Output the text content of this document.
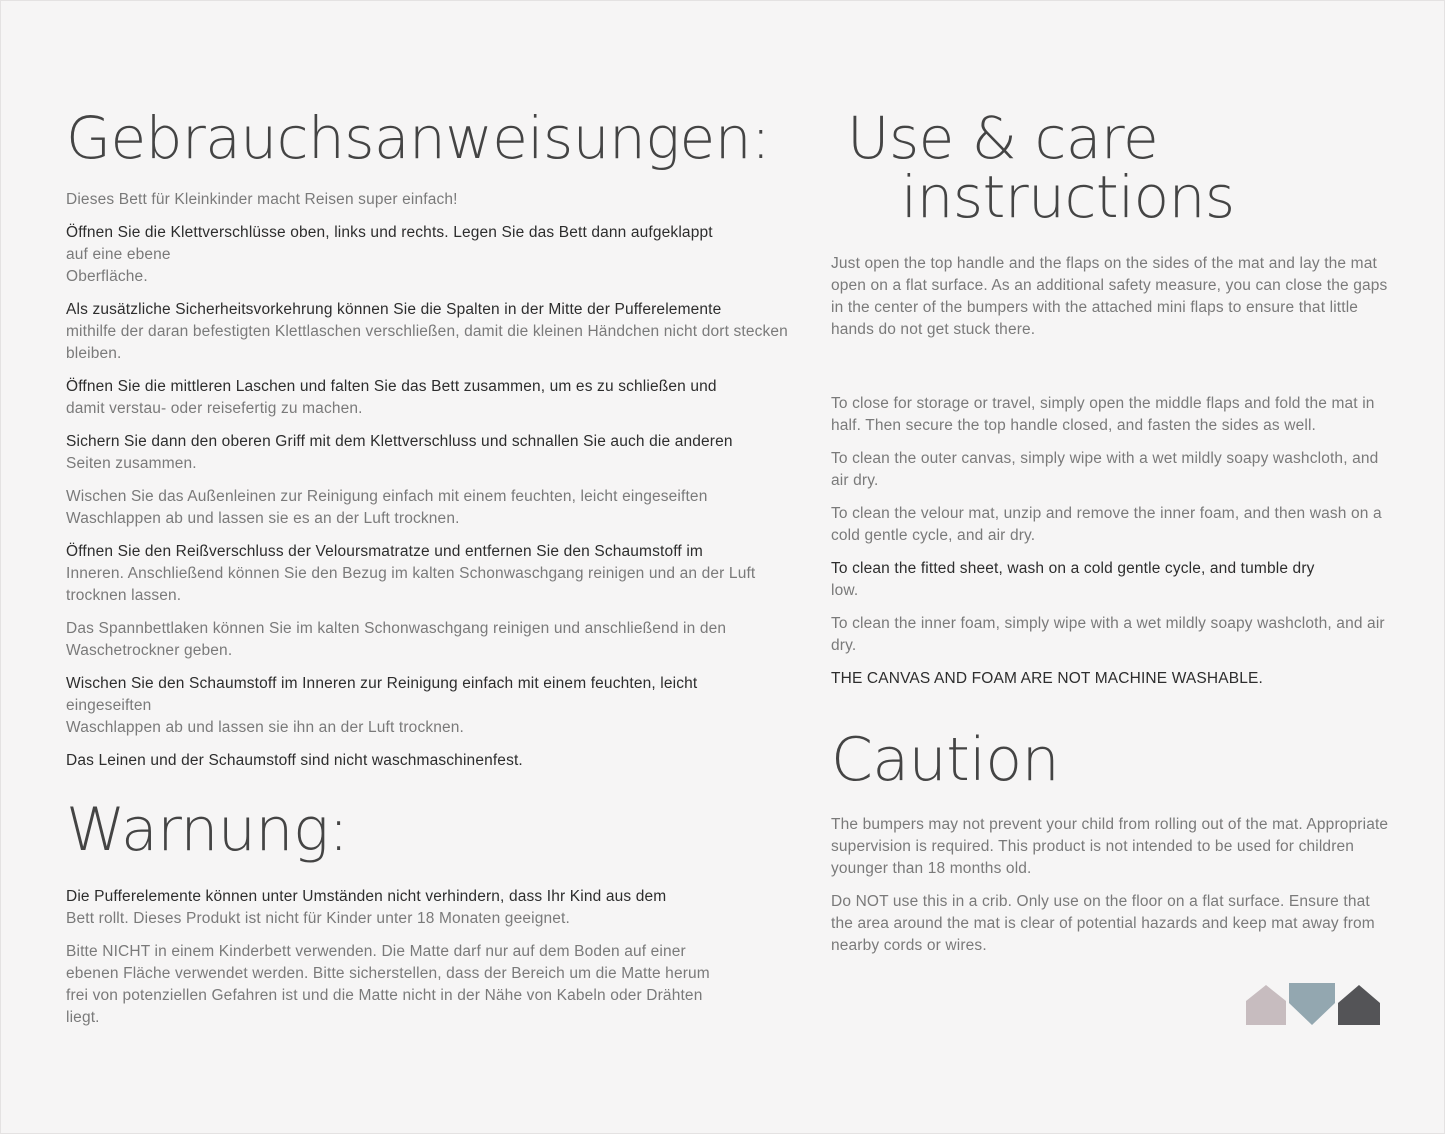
Gebrauchsanweisungen:
Dieses Bett für Kleinkinder macht Reisen super einfach!
Öffnen Sie die Klettverschlüsse oben, links und rechts. Legen Sie das Bett dann aufgeklappt
auf eine ebene
Oberfläche.
Als zusätzliche Sicherheitsvorkehrung können Sie die Spalten in der Mitte der Pufferelemente
mithilfe der daran befestigten Klettlaschen verschließen, damit die kleinen Händchen nicht dort stecken bleiben.
Öffnen Sie die mittleren Laschen und falten Sie das Bett zusammen, um es zu schließen und
damit verstau- oder reisefertig zu machen.
Sichern Sie dann den oberen Griff mit dem Klettverschluss und schnallen Sie auch die anderen
Seiten zusammen.
Wischen Sie das Außenleinen zur Reinigung einfach mit einem feuchten, leicht eingeseiften Waschlappen ab und lassen sie es an der Luft trocknen.
Öffnen Sie den Reißverschluss der Veloursmatratze und entfernen Sie den Schaumstoff im
Inneren. Anschließend können Sie den Bezug im kalten Schonwaschgang reinigen und an der Luft trocknen lassen.
Das Spannbettlaken können Sie im kalten Schonwaschgang reinigen und anschließend in den Waschetrockner geben.
Wischen Sie den Schaumstoff im Inneren zur Reinigung einfach mit einem feuchten, leicht
eingeseiften
Waschlappen ab und lassen sie ihn an der Luft trocknen.
Das Leinen und der Schaumstoff sind nicht waschmaschinenfest.
Warnung:
Die Pufferelemente können unter Umständen nicht verhindern, dass Ihr Kind aus dem
Bett rollt. Dieses Produkt ist nicht für Kinder unter 18 Monaten geeignet.
Bitte NICHT in einem Kinderbett verwenden. Die Matte darf nur auf dem Boden auf einer ebenen Fläche verwendet werden. Bitte sicherstellen, dass der Bereich um die Matte herum frei von potenziellen Gefahren ist und die Matte nicht in der Nähe von Kabeln oder Drähten liegt.
Use & care
instructions
Just open the top handle and the flaps on the sides of the mat and lay the mat open on a flat surface. As an additional safety measure, you can close the gaps in the center of the bumpers with the attached mini flaps to ensure that little hands do not get stuck there.
To close for storage or travel, simply open the middle flaps and fold the mat in half. Then secure the top handle closed, and fasten the sides as well.
To clean the outer canvas, simply wipe with a wet mildly soapy washcloth, and air dry.
To clean the velour mat, unzip and remove the inner foam, and then wash on a cold gentle cycle, and air dry.
To clean the fitted sheet, wash on a cold gentle cycle, and tumble dry
low.
To clean the inner foam, simply wipe with a wet mildly soapy washcloth, and air dry.
THE CANVAS AND FOAM ARE NOT MACHINE WASHABLE.
Caution
The bumpers may not prevent your child from rolling out of the mat. Appropriate supervision is required. This product is not intended to be used for children younger than 18 months old.
Do NOT use this in a crib. Only use on the floor on a flat surface. Ensure that the area around the mat is clear of potential hazards and keep mat away from nearby cords or wires.
